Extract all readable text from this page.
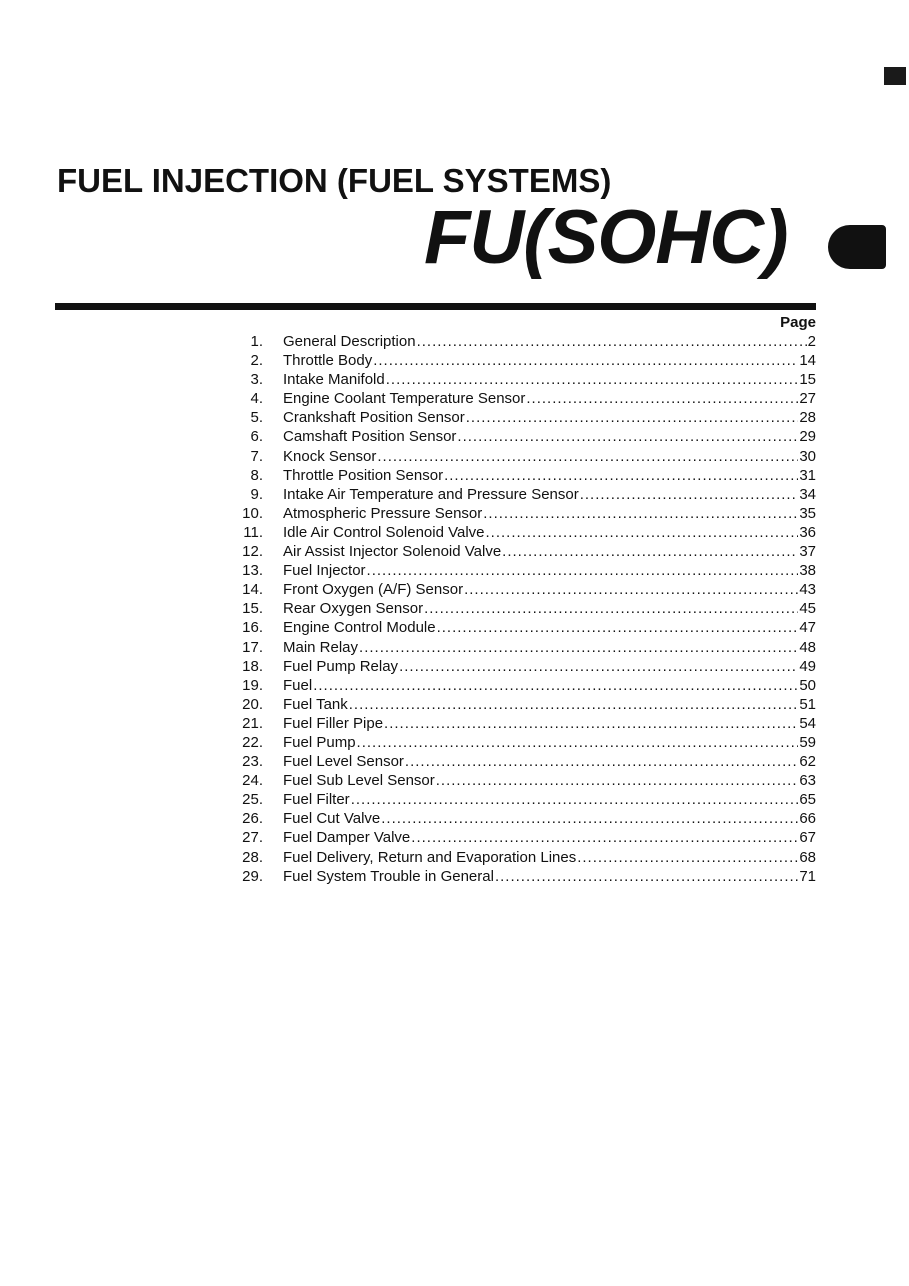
FUEL INJECTION (FUEL SYSTEMS)
FU(SOHC)
Page
1. General Description .....	2
2. Throttle Body .....	14
3. Intake Manifold .....	15
4. Engine Coolant Temperature Sensor .....	27
5. Crankshaft Position Sensor .....	28
6. Camshaft Position Sensor .....	29
7. Knock Sensor .....	30
8. Throttle Position Sensor .....	31
9. Intake Air Temperature and Pressure Sensor .....	34
10. Atmospheric Pressure Sensor .....	35
11. Idle Air Control Solenoid Valve .....	36
12. Air Assist Injector Solenoid Valve .....	37
13. Fuel Injector .....	38
14. Front Oxygen (A/F) Sensor .....	43
15. Rear Oxygen Sensor .....	45
16. Engine Control Module .....	47
17. Main Relay .....	48
18. Fuel Pump Relay .....	49
19. Fuel .....	50
20. Fuel Tank .....	51
21. Fuel Filler Pipe .....	54
22. Fuel Pump .....	59
23. Fuel Level Sensor .....	62
24. Fuel Sub Level Sensor .....	63
25. Fuel Filter .....	65
26. Fuel Cut Valve .....	66
27. Fuel Damper Valve .....	67
28. Fuel Delivery, Return and Evaporation Lines .....	68
29. Fuel System Trouble in General .....	71
